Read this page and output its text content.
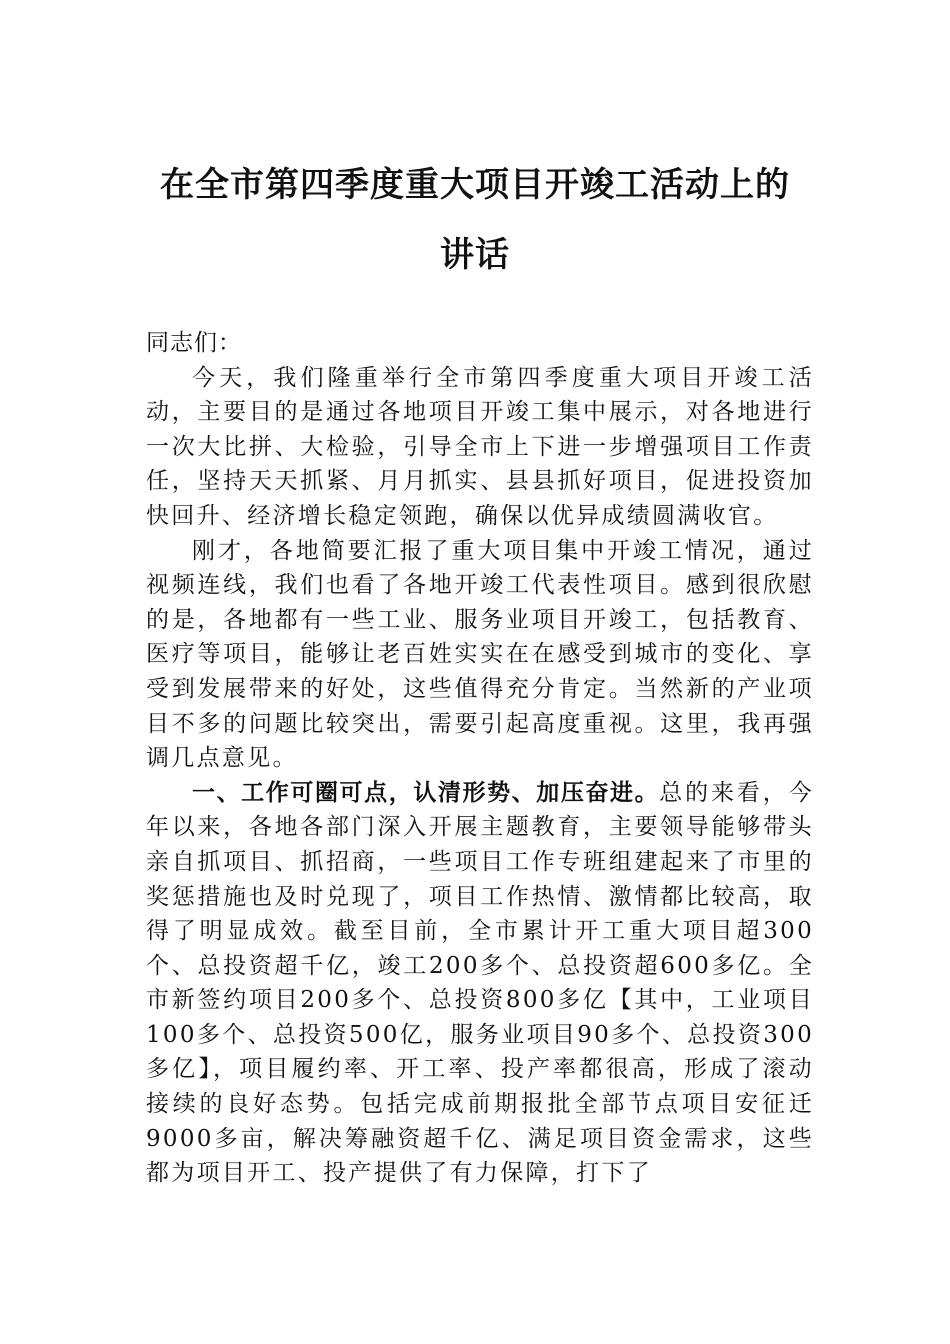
在全市第四季度重大项目开竣工活动上的
讲话

同志们：

今天，我们隆重举行全市第四季度重大项目开竣工活动，主要目的是通过各地项目开竣工集中展示，对各地进行一次大比拼、大检验，引导全市上下进一步增强项目工作责任，坚持天天抓紧、月月抓实、县县抓好项目，促进投资加快回升、经济增长稳定领跑，确保以优异成绩圆满收官。

刚才，各地简要汇报了重大项目集中开竣工情况，通过视频连线，我们也看了各地开竣工代表性项目。感到很欣慰的是，各地都有一些工业、服务业项目开竣工，包括教育、医疗等项目，能够让老百姓实实在在感受到城市的变化、享受到发展带来的好处，这些值得充分肯定。当然新的产业项目不多的问题比较突出，需要引起高度重视。这里，我再强调几点意见。

一、工作可圈可点，认清形势、加压奋进。总的来看，今年以来，各地各部门深入开展主题教育，主要领导能够带头亲自抓项目、抓招商，一些项目工作专班组建起来了市里的奖惩措施也及时兑现了，项目工作热情、激情都比较高，取得了明显成效。截至目前，全市累计开工重大项目超300个、总投资超千亿，竣工200多个、总投资超600多亿。全市新签约项目200多个、总投资800多亿【其中，工业项目100多个、总投资500亿，服务业项目90多个、总投资300多亿】，项目履约率、开工率、投产率都很高，形成了滚动接续的良好态势。包括完成前期报批全部节点项目安征迁9000多亩，解决筹融资超千亿、满足项目资金需求，这些都为项目开工、投产提供了有力保障，打下了
